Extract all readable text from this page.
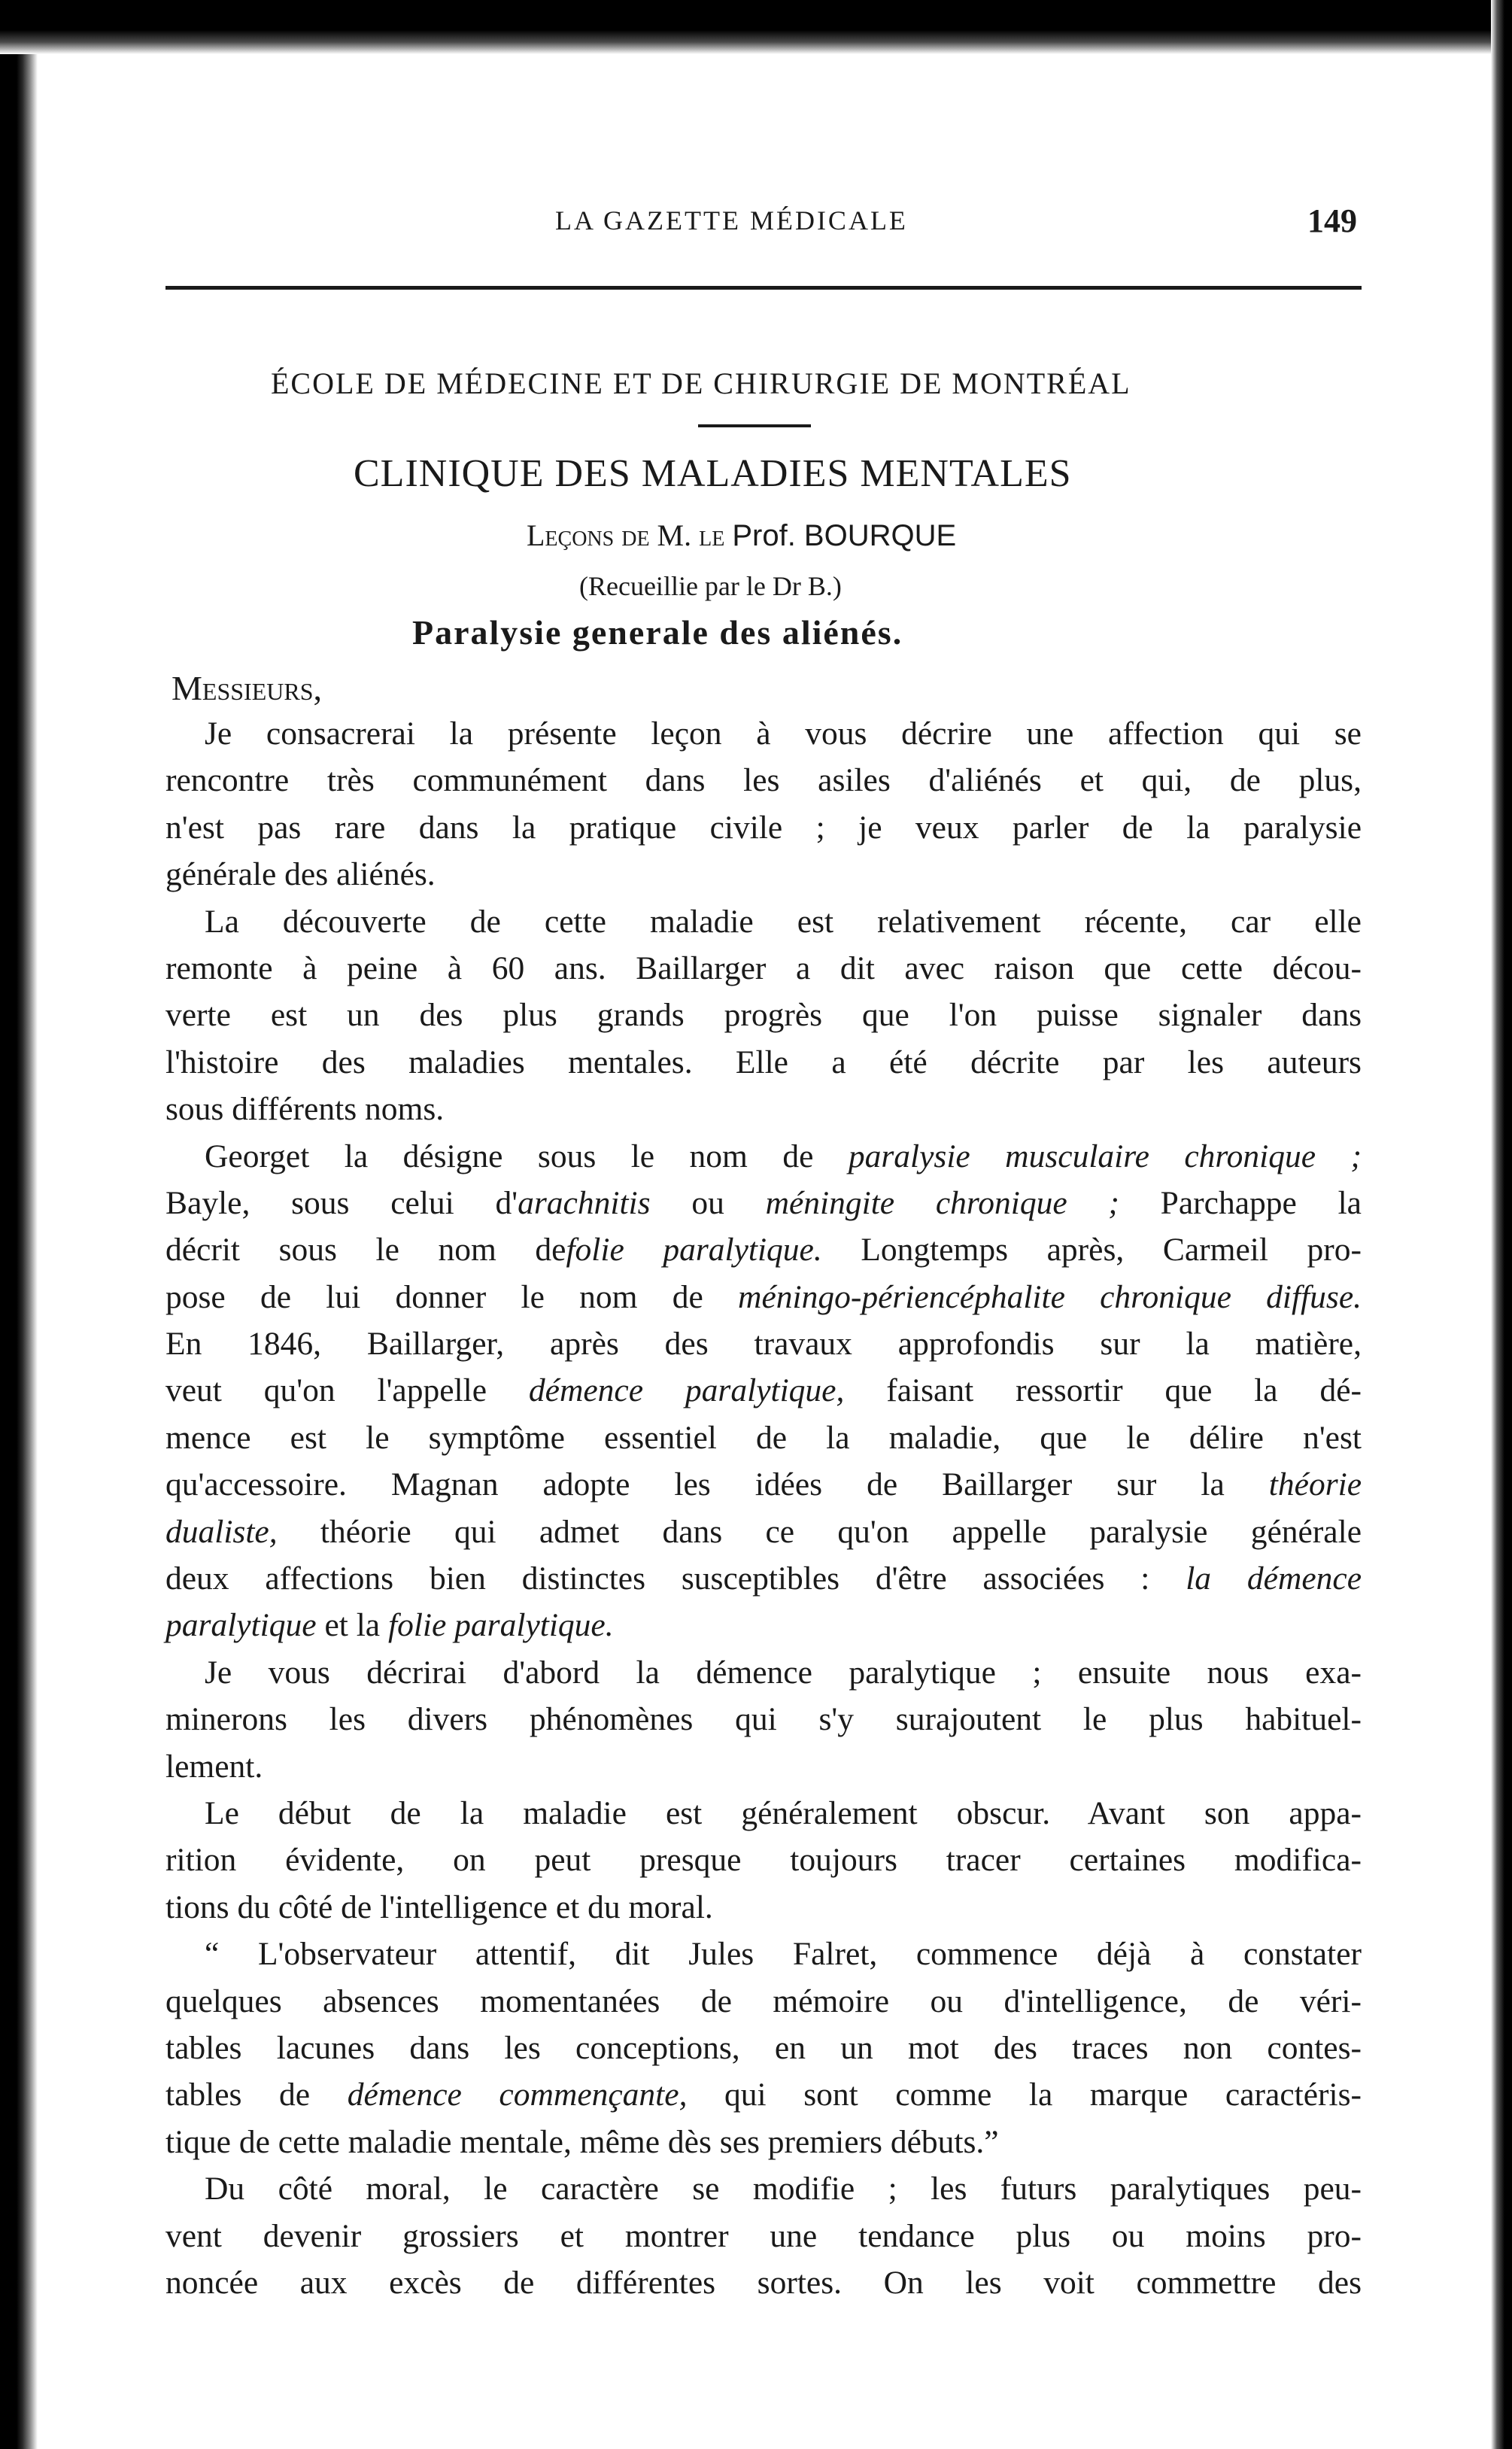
LA GAZETTE MÉDICALE	149
ÉCOLE DE MÉDECINE ET DE CHIRURGIE DE MONTRÉAL
CLINIQUE DES MALADIES MENTALES
Leçons de M. le Prof. BOURQUE
(Recueillie par le Dr B.)
Paralysie generale des aliénés.
Messieurs,
Je consacrerai la présente leçon à vous décrire une affection qui se
rencontre très communément dans les asiles d'aliénés et qui, de plus,
n'est pas rare dans la pratique civile ; je veux parler de la paralysie
générale des aliénés.
La découverte de cette maladie est relativement récente, car elle
remonte à peine à 60 ans. Baillarger a dit avec raison que cette décou-
verte est un des plus grands progrès que l'on puisse signaler dans
l'histoire des maladies mentales. Elle a été décrite par les auteurs
sous différents noms.
Georget la désigne sous le nom de paralysie musculaire chronique ;
Bayle, sous celui d'arachnitis ou méningite chronique ; Parchappe la
décrit sous le nom defolie paralytique. Longtemps après, Carmeil pro-
pose de lui donner le nom de méningo-périencéphalite chronique diffuse.
En 1846, Baillarger, après des travaux approfondis sur la matière,
veut qu'on l'appelle démence paralytique, faisant ressortir que la dé-
mence est le symptôme essentiel de la maladie, que le délire n'est
qu'accessoire. Magnan adopte les idées de Baillarger sur la théorie
dualiste, théorie qui admet dans ce qu'on appelle paralysie générale
deux affections bien distinctes susceptibles d'être associées : la démence
paralytique et la folie paralytique.
Je vous décrirai d'abord la démence paralytique ; ensuite nous exa-
minerons les divers phénomènes qui s'y surajoutent le plus habituel-
lement.
Le début de la maladie est généralement obscur. Avant son appa-
rition évidente, on peut presque toujours tracer certaines modifica-
tions du côté de l'intelligence et du moral.
“ L'observateur attentif, dit Jules Falret, commence déjà à constater
quelques absences momentanées de mémoire ou d'intelligence, de véri-
tables lacunes dans les conceptions, en un mot des traces non contes-
tables de démence commençante, qui sont comme la marque caractéris-
tique de cette maladie mentale, même dès ses premiers débuts.”
Du côté moral, le caractère se modifie ; les futurs paralytiques peu-
vent devenir grossiers et montrer une tendance plus ou moins pro-
noncée aux excès de différentes sortes. On les voit commettre des
